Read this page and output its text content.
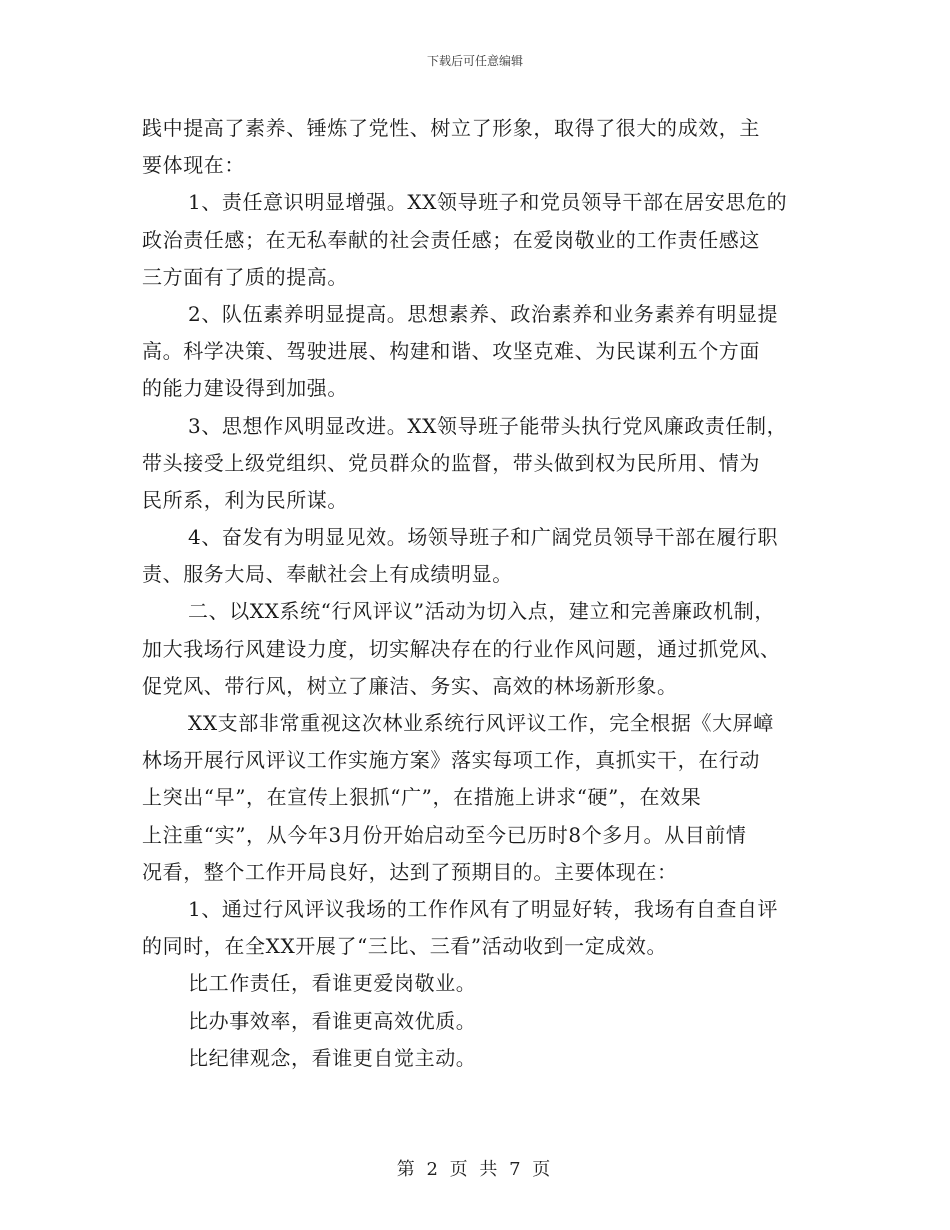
下载后可任意编辑
践中提高了素养、锤炼了党性、树立了形象，取得了很大的成效，主
要体现在：
1、责任意识明显增强。XX领导班子和党员领导干部在居安思危的
政治责任感；在无私奉献的社会责任感；在爱岗敬业的工作责任感这
三方面有了质的提高。
2、队伍素养明显提高。思想素养、政治素养和业务素养有明显提
高。科学决策、驾驶进展、构建和谐、攻坚克难、为民谋利五个方面
的能力建设得到加强。
3、思想作风明显改进。XX领导班子能带头执行党风廉政责任制，
带头接受上级党组织、党员群众的监督，带头做到权为民所用、情为
民所系，利为民所谋。
4、奋发有为明显见效。场领导班子和广阔党员领导干部在履行职
责、服务大局、奉献社会上有成绩明显。
二、以XX系统“行风评议”活动为切入点，建立和完善廉政机制，
加大我场行风建设力度，切实解决存在的行业作风问题，通过抓党风、
促党风、带行风，树立了廉洁、务实、高效的林场新形象。
XX支部非常重视这次林业系统行风评议工作，完全根据《大屏嶂
林场开展行风评议工作实施方案》落实每项工作，真抓实干，在行动
上突出“早”，在宣传上狠抓“广”，在措施上讲求“硬”，在效果
上注重“实”，从今年3月份开始启动至今已历时8个多月。从目前情
况看，整个工作开局良好，达到了预期目的。主要体现在：
1、通过行风评议我场的工作作风有了明显好转，我场有自查自评
的同时，在全XX开展了“三比、三看”活动收到一定成效。
比工作责任，看谁更爱岗敬业。
比办事效率，看谁更高效优质。
比纪律观念，看谁更自觉主动。
第 2 页 共 7 页
